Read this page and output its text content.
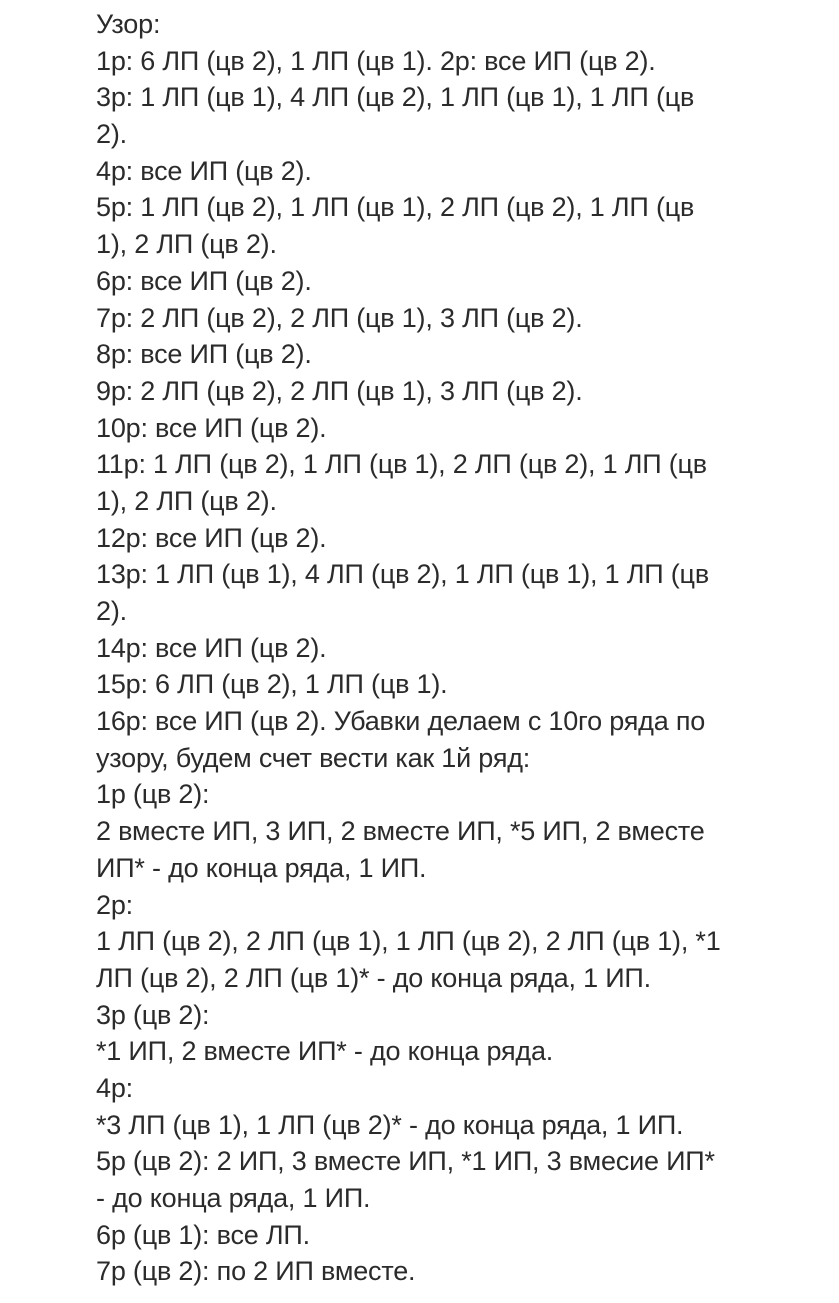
Узор:
1р: 6 ЛП (цв 2), 1 ЛП (цв 1). 2р: все ИП (цв 2).
3р: 1 ЛП (цв 1), 4 ЛП (цв 2), 1 ЛП (цв 1), 1 ЛП (цв
2).
4р: все ИП (цв 2).
5р: 1 ЛП (цв 2), 1 ЛП (цв 1), 2 ЛП (цв 2), 1 ЛП (цв
1), 2 ЛП (цв 2).
6р: все ИП (цв 2).
7р: 2 ЛП (цв 2), 2 ЛП (цв 1), 3 ЛП (цв 2).
8р: все ИП (цв 2).
9р: 2 ЛП (цв 2), 2 ЛП (цв 1), 3 ЛП (цв 2).
10р: все ИП (цв 2).
11р: 1 ЛП (цв 2), 1 ЛП (цв 1), 2 ЛП (цв 2), 1 ЛП (цв
1), 2 ЛП (цв 2).
12р: все ИП (цв 2).
13р: 1 ЛП (цв 1), 4 ЛП (цв 2), 1 ЛП (цв 1), 1 ЛП (цв
2).
14р: все ИП (цв 2).
15р: 6 ЛП (цв 2), 1 ЛП (цв 1).
16р: все ИП (цв 2). Убавки делаем с 10го ряда по
узору, будем счет вести как 1й ряд:
1р (цв 2):
2 вместе ИП, 3 ИП, 2 вместе ИП, *5 ИП, 2 вместе
ИП* - до конца ряда, 1 ИП.
2р:
1 ЛП (цв 2), 2 ЛП (цв 1), 1 ЛП (цв 2), 2 ЛП (цв 1), *1
ЛП (цв 2), 2 ЛП (цв 1)* - до конца ряда, 1 ИП.
3р (цв 2):
*1 ИП, 2 вместе ИП* - до конца ряда.
4р:
*3 ЛП (цв 1), 1 ЛП (цв 2)* - до конца ряда, 1 ИП.
5р (цв 2): 2 ИП, 3 вместе ИП, *1 ИП, 3 вмесие ИП*
- до конца ряда, 1 ИП.
6р (цв 1): все ЛП.
7р (цв 2): по 2 ИП вместе.
